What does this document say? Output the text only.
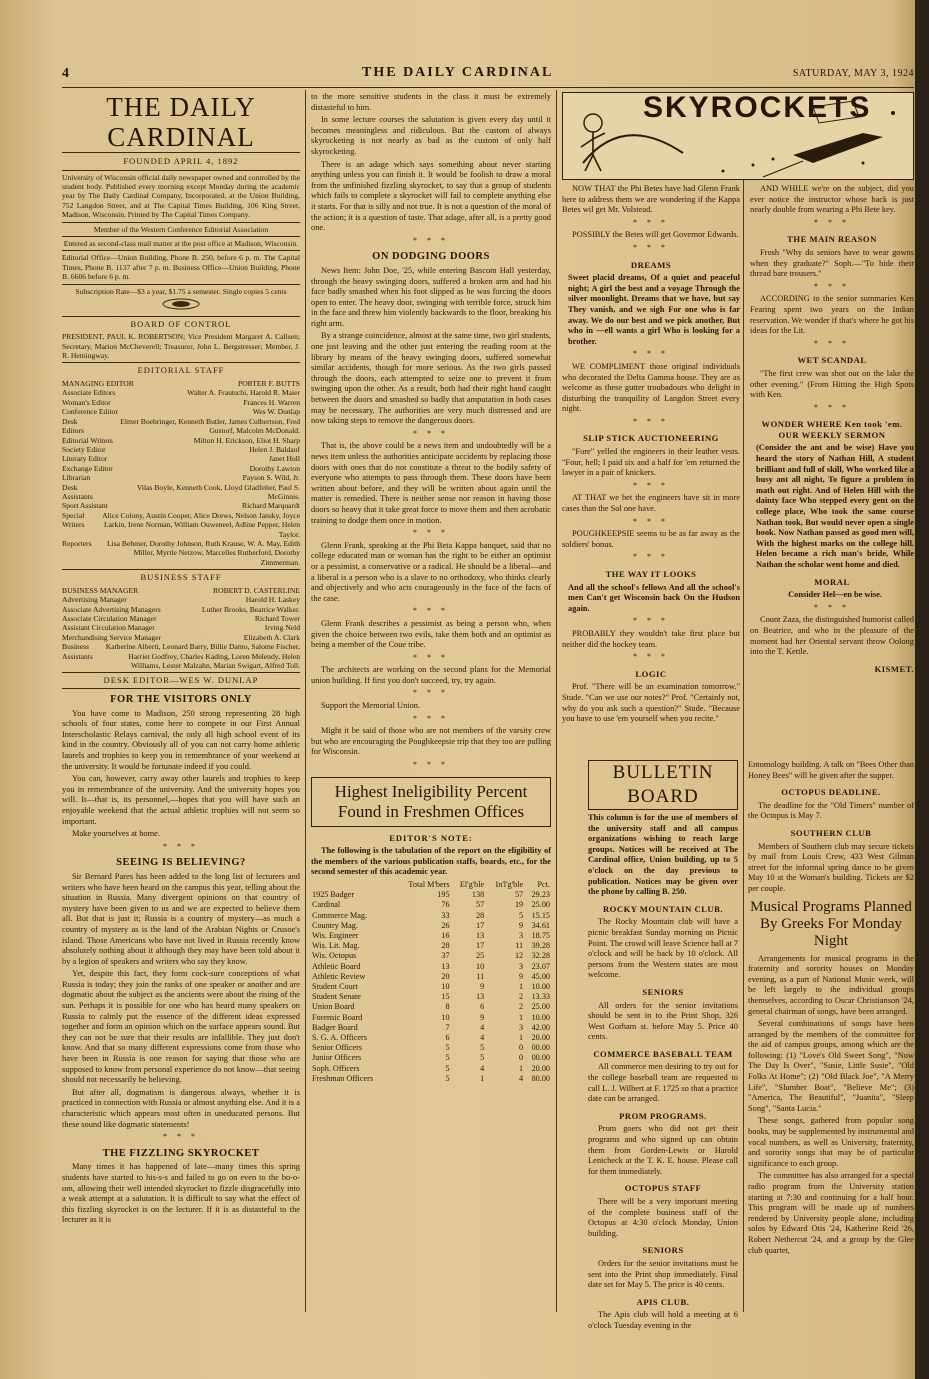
4	THE DAILY CARDINAL	SATURDAY, MAY 3, 1924
THE DAILY CARDINAL
FOUNDED APRIL 4, 1892

University of Wisconsin official daily newspaper owned and controlled by the student body. Published every morning except Monday during the academic year by The Daily Cardinal Company, Incorporated, at the Union Building, 752 Langdon Street, and at The Capital Times Building, 106 King Street, Madison, Wisconsin. Printed by The Capital Times Company.

Member of the Western Conference Editorial Association

Entered as second-class mail matter at the post office at Madison, Wisconsin.

Editorial Office—Union Building, Phone B. 250, before 6 p. m. The Capital Times, Phone B. 1137 after 7 p. m. Business Office—Union Building, Phone B. 6606 before 6 p. m.

Subscription Rate—$3 a year, $1.75 a semester. Single copies 5 cents

BOARD OF CONTROL

PRESIDENT, PAUL K. ROBERTSON; Vice President Margaret A. Callsen; Secretary, Marion McCheverell; Treasurer, John L. Bergstresser; Member, J. R. Hemingway.

EDITORIAL STAFF
MANAGING EDITOR	PORTER F. BUTTS
Associate Editors	Walter A. Frautschi, Harold R. Maier
Woman's Editor	Frances H. Warren
Conference Editor	Wes W. Dunlap
Desk Editors
Elmer Boehringer, Kenneth Butler, James Culbertson, Fred Gustorf, Malcolm McDonald.
Editorial Writers	Milton H. Erickson, Eliot H. Sharp
Society Editor	Helen J. Baldauf
Literary Editor	Janet Hull
Exchange Editor	Dorothy Lawton
Librarian	Payson S. Wild, Jr.
Desk Assistants
Vilas Boyle, Kenneth Cook, Lloyd Gladfelter, Paul S. McGinnis.
Sport Assistant	Richard Marquardt
Special Writers
Alice Colony, Austin Cooper, Alice Drews, Nelson Jansky, Joyce Larkin, Irene Norman, William Ouweneel, Adline Pepper, Helen Taylor.
Reporters	Lisa Behmer, Dorothy Johnson, Ruth Krause, W. A. May, Edith Miller, Myrtle Netzow, Marcelles Rutherford, Dorothy Zimmerman.
BUSINESS STAFF
BUSINESS MANAGER	ROBERT D. CASTERLINE
Advertising Manager	Harold H. Laskey
Associate Advertising Managers	Luther Brooks, Beatrice Walker.
Associate Circulation Manager	Richard Tower
Assistant Circulation Manager	Irving Neld
Merchandising Service Manager	Elizabeth A. Clark
Business Assistants
Katherine Alberti, Leonard Barry, Billie Danto, Salome Fischer, Harriet Godfrey, Charles Kading, Loren Melendy, Helen Williams, Lester Malzahn, Marian Swigart, Alfred Toll.
DESK EDITOR—WES W. DUNLAP
FOR THE VISITORS ONLY

You have come to Madison, 250 strong representing 28 high schools of four states, come here to compete in our First Annual Interscholastic Relays carnival, the only all high school event of its kind in the country. Obviously all of you can not carry home athletic laurels and trophies to keep you in remembrance of your weekend at the university. It would be fortunate indeed if you could.

You can, however, carry away other laurels and trophies to keep you in remembrance of the university. And the university hopes you will. It—that is, its personnel,—hopes that you will have such an enjoyable weekend that the actual athletic trophies will not seem so important.

Make yourselves at home.

* * *
SEEING IS BELIEVING?

Sir Bernard Pares has been added to the long list of lecturers and writers who have been heard on the campus this year, telling about the situation in Russia. Many divergent opinions on that country of mystery have been given to us and we are expected to believe them all. But that is just it; Russia is a country of mystery—as much a country of mystery as is the land of the Arabian Nights or Crusoe's island. Those Americans who have not lived in Russia recently know absolutely nothing about it although they may have been told about it by a legion of speakers and writers who say they know.

Yet, despite this fact, they form cock-sure conceptions of what Russia is today; they join the ranks of one speaker or another and are dogmatic about the subject as the ancients were about the rising of the sun. Perhaps it is possible for one who has heard many speakers on Russia to calmly put the essence of the different ideas expressed together and form an opinion which on the surface appears sound. But they can not be sure that their results are infallible. They just don't know. And that so many different expressions come from those who have been in Russia is one reason for saying that those who are supposed to know from personal experience do not know—that seeing should not necessarily be believing.

But after all, dogmatism is dangerous always, whether it is practiced in connection with Russia or almost anything else. And it is a characteristic which appears most often in uneducated persons. But these sound like dogmatic statements!

* * *
THE FIZZLING SKYROCKET

Many times it has happened of late—many times this spring students have started to his-s-s and failed to go on even to the bo-o-om, allowing their well intended skyrocket to fizzle disgracefully into a weak attempt at a salutation. It is difficult to say what the effect of this fizzling skyrocket is on the lecturer. If it is as distasteful to the lecturer as it is

to the more sensitive students in the class it must be extremely distasteful to him.

In some lecture courses the salutation is given every day until it becomes meaningless and ridiculous. But the custom of always skyrocketing is not nearly as bad as the custom of only half skyrocketing.

There is an adage which says something about never starting anything unless you can finish it. It would be foolish to draw a moral from the unfinished fizzling skyrocket, to say that a group of students which fails to complete a skyrocket will fail to complete anything else it starts. For that is silly and not true. It is not a question of the moral of the action; it is a question of taste. That adage, after all, is a pretty good one.

* * *
ON DODGING DOORS

News Item: John Doe, '25, while entering Bascom Hall yesterday, through the heavy swinging doors, suffered a broken arm and had his face badly smashed when his foot slipped as he was forcing the doors open to enter. The heavy door, swinging with terrible force, struck him in the face and threw him violently backwards to the floor, breaking his right arm.

By a strange coincidence, almost at the same time, two girl students, one just leaving and the other just entering the reading room at the library by means of the heavy swinging doors, suffered somewhat similar accidents, though for more serious. As the two girls passed through the doors, each attempted to seize one to prevent it from swinging upon the other. As a result, both had their right hand caught between the doors and smashed so badly that amputation in both cases may be necessary. The authorities are very much distressed and are now taking steps to remove the dangerous doors.

* * *

That is, the above could be a news item and undoubtedly will be a news item unless the authorities anticipate accidents by replacing those doors with ones that do not constitute a threat to the bodily safety of everyone who attempts to pass through them. These doors have been written about before, and they will be written about again until the matter is remedied. There is neither sense nor reason in having those doors so heavy that it take great force to move them and then acrobatic training to dodge them once in motion.

* * *

Glenn Frank, speaking at the Phi Beta Kappa banquet, said that no college educated man or woman has the right to be either an optimist or a pessimist, a conservative or a radical. He should be a liberal—and a liberal is a person who is a slave to no orthodoxy, who thinks clearly and objectively and who acts courageously in the face of the facts of the case.

* * *

Glenn Frank describes a pessimist as being a person who, when given the choice between two evils, take them both and an optimist as being a member of the Coue tribe.

* * *

The architects are working on the second plans for the Memorial union building. If first you don't succeed, try, try again.

* * *

Support the Memorial Union.

* * *

Might it be said of those who are not members of the varsity crew but who are encouraging the Poughkeepsie trip that they too are pulling for Wisconsin.

* * *
Highest Ineligibility Percent Found in Freshmen Offices
EDITOR'S NOTE:

The following is the tabulation of the report on the eligibility of the members of the various publication staffs, boards, etc., for the second semester of this academic year.

	Total M'bers	El'g'ble	In'l'g'ble	Pct.
1925 Badger	195	138	57	29.23
Cardinal	76	57	19	25.00
Commerce Mag.	33	28	5	15.15
Country Mag.	26	17	9	34.61
Wis. Engineer	16	13	3	18.75
Wis. Lit. Mag.	28	17	11	39.28
Wis. Octopus	37	25	12	32.28
Athletic Board	13	10	3	23.07
Athletic Review	20	11	9	45.00
Student Court	10	9	1	10.00
Student Senate	15	13	2	13.33
Union Board	8	6	2	25.00
Forensic Board	10	9	1	10.00
Badger Board	7	4	3	42.00
S. G. A. Officers	6	4	1	20.00
Senior Officers	5	5	0	00.00
Junior Officers	5	5	0	00.00
Soph. Officers	5	4	1	20.00
Freshman Officers	5	1	4	80.00
SKYROCKETS

NOW THAT the Phi Betes have had Glenn Frank here to address them we are wondering if the Kappa Betes wil get Mr. Volstead.

* * *

POSSIBLY the Betes will get Governor Edwards.

* * *
DREAMS

Sweet placid dreams, Of a quiet and peaceful night; A girl the best and a voyage Through the silver moonlight. Dreams that we have, but say They vanish, and we sigh For one who is far away. We do our best and we pick another, But who in —ell wants a girl Who is looking for a brother.

* * *

WE COMPLIMENT those original individuals who decorated the Delta Gamma house. They are as welcome as these gutter troubadours who delight in disturbing the tranquility of Langdon Street every night.

* * *
SLIP STICK AUCTIONEERING

"Fore" yelled the engineers in their leather vests. "Four, hell; I paid six and a half for 'em returned the lawyer in a pair of knickers.

* * *

AT THAT we bet the engineers have sit in more cases than the Sol one have.

* * *

POUGHKEEPSIE seems to be as far away as the soldiers' bonus.

* * *
THE WAY IT LOOKS

And all the school's fellows And all the school's men Can't get Wisconsin back On the Hudson again.

* * *

PROBABLY they wouldn't take first place but neither did the hockey team.

* * *
LOGIC

Prof. "There will be an examination tomorrow." Stude. "Can we use our notes?" Prof. "Certainly not, why do you ask such a question?" Stude. "Because you have to use 'em yourself when you recite."

AND WHILE we're on the subject, did you ever notice the instructor whose back is just nearly double from wearing a Phi Bete key.

* * *
THE MAIN REASON

Frosh "Why do seniors have to wear gowns when they graduate?" Soph.—"To hide their thread bare trousers."

* * *

ACCORDING to the senior summaries Ken Fearing spent two years on the Indian reservation. We wonder if that's where he got his ideas for the Lit.

* * *
WET SCANDAL

"The first crew was shot out on the lake the other evening." (From Hitting the High Spots with Ken.

* * *
WONDER WHERE Ken took 'em. OUR WEEKLY SERMON

(Consider the ant and be wise) Have you heard the story of Nathan Hill, A student brilliant and full of skill, Who worked like a busy ant all night, To figure a problem in math out right. And of Helen Hill with the dainty face Who stepped every gent on the college place, Who took the same course Nathan took, But would never open a single book. Now Nathan passed as good men will, With the highest marks on the college hill. Helen became a rich man's bride, While Nathan the scholar went home and died.

MORAL

Consider Hel—en be wise.

* * *

Count Zaza, the distinguished humorist called on Beatrice, and who in the pleasure of the moment had her Oriental servant throw Oolong into the T. Kettle.

KISMET.
BULLETIN BOARD

This column is for the use of members of the university staff and all campus organizations wishing to reach large groups. Notices will be received at The Cardinal office, Union building, up to 5 o'clock on the day previous to publication. Notices may be given over the phone by calling B. 250.

ROCKY MOUNTAIN CLUB.

The Rocky Mountain club will have a picnic breakfast Sunday morning on Picnic Point. The crowd will leave Science hall at 7 o'clock and will be back by 10 o'clock. All persons from the Western states are most welcome.

SENIORS

All orders for the senior invitations should be sent in to the Print Shop, 326 West Gorham st. before May 5. Price 40 cents.

COMMERCE BASEBALL TEAM

All commerce men desiring to try out for the college baseball team are requested to call L. J. Wilbert at F. 1725 so that a practice date can be arranged.

PROM PROGRAMS.

Prom goers who did not get their programs and who signed up can obtain them from Gorden-Lewis or Harold Lenicheck at the T. K. E. house. Please call for them immediately.

OCTOPUS STAFF

There will be a very important meeting of the complete business staff of the Octopus at 4:30 o'clock Monday, Union building.

SENIORS

Orders for the senior invitations must be sent into the Print shop immediately. Final date set for May 5. The price is 40 cents.

APIS CLUB.

The Apis club will hold a meeting at 6 o'clock Tuesday evening in the

Entomology building. A talk on "Bees Other than Honey Bees" will be given after the supper.

OCTOPUS DEADLINE.

The deadline for the "Old Timers" number of the Octopus is May 7.

SOUTHERN CLUB

Members of Southern club may secure tickets by mail from Louis Crew, 433 West Gilman street for the informal spring dance to be given May 10 at the Woman's building. Tickets are $2 per couple.

Musical Programs Planned By Greeks For Monday Night

Arrangements for musical programs in the fraternity and sorority houses on Monday evening, as a part of National Music week, will be left largely to the individual groups themselves, according to Oscar Christianson '24, general chairman of songs, have been arranged.

Several combinations of songs have been arranged by the members of the committee for the aid of campus groups, among which are the following: (1) "Love's Old Sweet Song", "Now The Day Is Over", "Susie, Little Susie", "Old Folks At Home"; (2) "Old Black Joe", "A Merry Life", "Slumber Boat", "Believe Me"; (3) "America, The Beautiful", "Juanita", "Sleep Song", "Santa Lucia."

These songs, gathered from popular song books, may be supplemented by instrumental and vocal numbers, as well as University, fraternity, and sorority songs that may be of particular significance to each group.

The committee has also arranged for a special radio program from the University station starting at 7:30 and continuing for a half hour. This program will be made up of numbers rendered by University people alone, including solos by Edward Otis '24, Katherine Reid '26, Robert Nethercut '24, and a group by the Glee club quartet,
